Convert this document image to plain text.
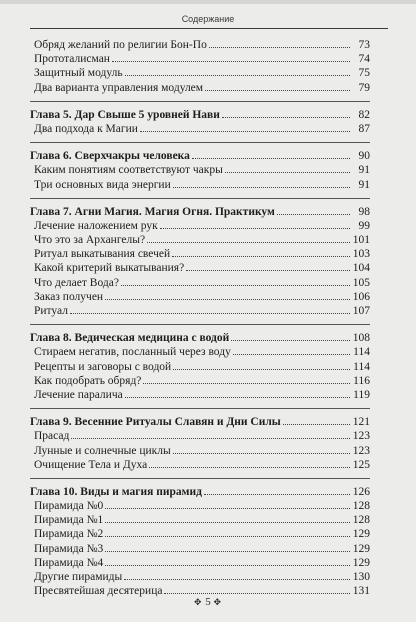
Содержание
Обряд желаний по религии Бон-По	73
Прототалисман	74
Защитный модуль	75
Два варианта управления модулем	79
Глава 5. Дар Свыше 5 уровней Нави	82
Два подхода к Магии	87
Глава 6. Сверхчакры человека	90
Каким понятиям соответствуют чакры	91
Три основных вида энергии	91
Глава 7. Агни Магия. Магия Огня. Практикум	98
Лечение наложением рук	99
Что это за Архангелы?	101
Ритуал выкатывания свечей	103
Какой критерий выкатывания?	104
Что делает Вода?	105
Заказ получен	106
Ритуал	107
Глава 8. Ведическая медицина с водой	108
Стираем негатив, посланный через воду	114
Рецепты и заговоры с водой	114
Как подобрать обряд?	116
Лечение паралича	119
Глава 9. Весенние Ритуалы Славян и Дни Силы	121
Прасад	123
Лунные и солнечные циклы	123
Очищение Тела и Духа	125
Глава 10. Виды и магия пирамид	126
Пирамида №0	128
Пирамида №1	128
Пирамида №2	129
Пирамида №3	129
Пирамида №4	129
Другие пирамиды	130
Пресвятейшая десятерица	131
✥ 5 ✥
